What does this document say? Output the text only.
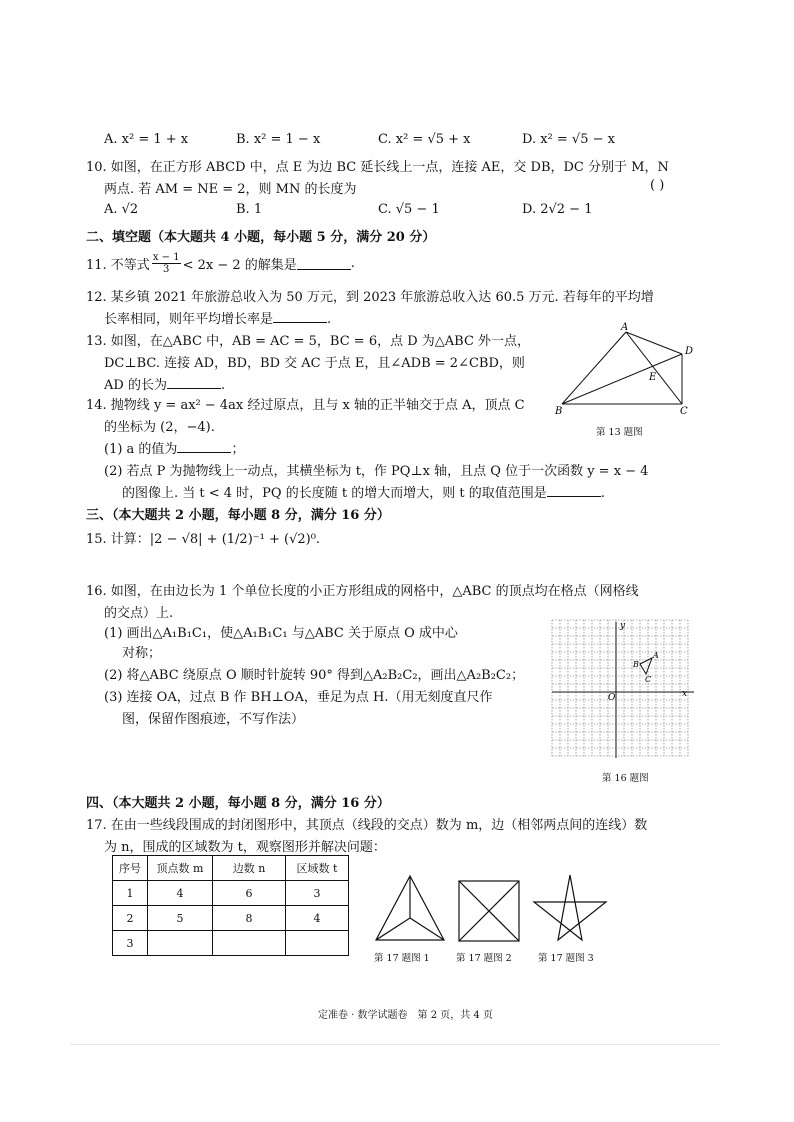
A. x² = 1 + x	B. x² = 1 − x	C. x² = √5 + x	D. x² = √5 − x
10. 如图，在正方形 ABCD 中，点 E 为边 BC 延长线上一点，连接 AE，交 DB，DC 分别于 M，N
两点. 若 AM = NE = 2，则 MN 的长度为	( )
A. √2	B. 1	C. √5 − 1	D. 2√2 − 1
二、填空题（本大题共 4 小题，每小题 5 分，满分 20 分）
11. 不等式 $\frac{x - 1}{3} < 2x - 2$ 的解集是	.
12. 某乡镇 2021 年旅游总收入为 50 万元，到 2023 年旅游总收入达 60.5 万元. 若每年的平均增
长率相同，则年平均增长率是	.
13. 如图，在△ABC 中，AB = AC = 5，BC = 6，点 D 为△ABC 外一点，
DC⊥BC. 连接 AD，BD，BD 交 AC 于点 E，且∠ADB = 2∠CBD，则
AD 的长为	.
A
B	C
D
E
第 13 题图
14. 抛物线 y = ax² − 4ax 经过原点，且与 x 轴的正半轴交于点 A，顶点 C
的坐标为 (2，−4).
(1) a 的值为	；
(2) 若点 P 为抛物线上一动点，其横坐标为 t，作 PQ⊥x 轴，且点 Q 位于一次函数 y = x − 4
的图像上. 当 t < 4 时，PQ 的长度随 t 的增大而增大，则 t 的取值范围是	.
三、（本大题共 2 小题，每小题 8 分，满分 16 分）
15. 计算：|2 − √8| + (1/2)⁻¹ + (√2)⁰.
16. 如图，在由边长为 1 个单位长度的小正方形组成的网格中，△ABC 的顶点均在格点（网格线
的交点）上.
(1) 画出△A₁B₁C₁，使△A₁B₁C₁ 与△ABC 关于原点 O 成中心
对称；
(2) 将△ABC 绕原点 O 顺时针旋转 90° 得到△A₂B₂C₂，画出△A₂B₂C₂；
(3) 连接 OA，过点 B 作 BH⊥OA，垂足为点 H.（用无刻度直尺作
图，保留作图痕迹，不写作法）
y
x
O
A
B
C
第 16 题图
四、（本大题共 2 小题，每小题 8 分，满分 16 分）
17. 在由一些线段围成的封闭图形中，其顶点（线段的交点）数为 m，边（相邻两点间的连线）数
为 n，围成的区域数为 t，观察图形并解决问题：
序号	顶点数 m	边数 n	区域数 t
1	4	6	3
2	5	8	4
3			
第 17 题图 1	第 17 题图 2	第 17 题图 3
定准卷 · 数学试题卷　第 2 页，共 4 页
